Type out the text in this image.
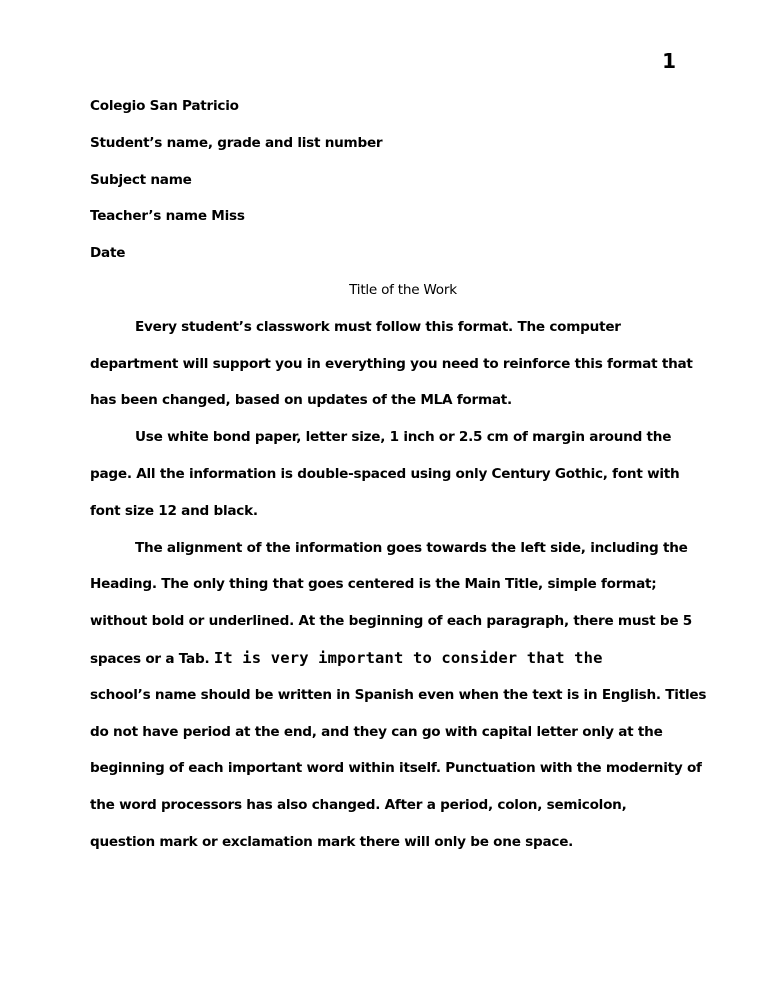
1
Colegio San Patricio
Student’s name, grade and list number
Subject name
Teacher’s name Miss
Date
Title of the Work
Every student’s classwork must follow this format. The computer
department will support you in everything you need to reinforce this format that
has been changed, based on updates of the MLA format.
Use white bond paper, letter size, 1 inch or 2.5 cm of margin around the
page. All the information is double-spaced using only Century Gothic, font with
font size 12 and black.
The alignment of the information goes towards the left side, including the
Heading. The only thing that goes centered is the Main Title, simple format;
without bold or underlined. At the beginning of each paragraph, there must be 5
spaces or a Tab. It is very important to consider that the
school’s name should be written in Spanish even when the text is in English. Titles
do not have period at the end, and they can go with capital letter only at the
beginning of each important word within itself. Punctuation with the modernity of
the word processors has also changed. After a period, colon, semicolon,
question mark or exclamation mark there will only be one space.
